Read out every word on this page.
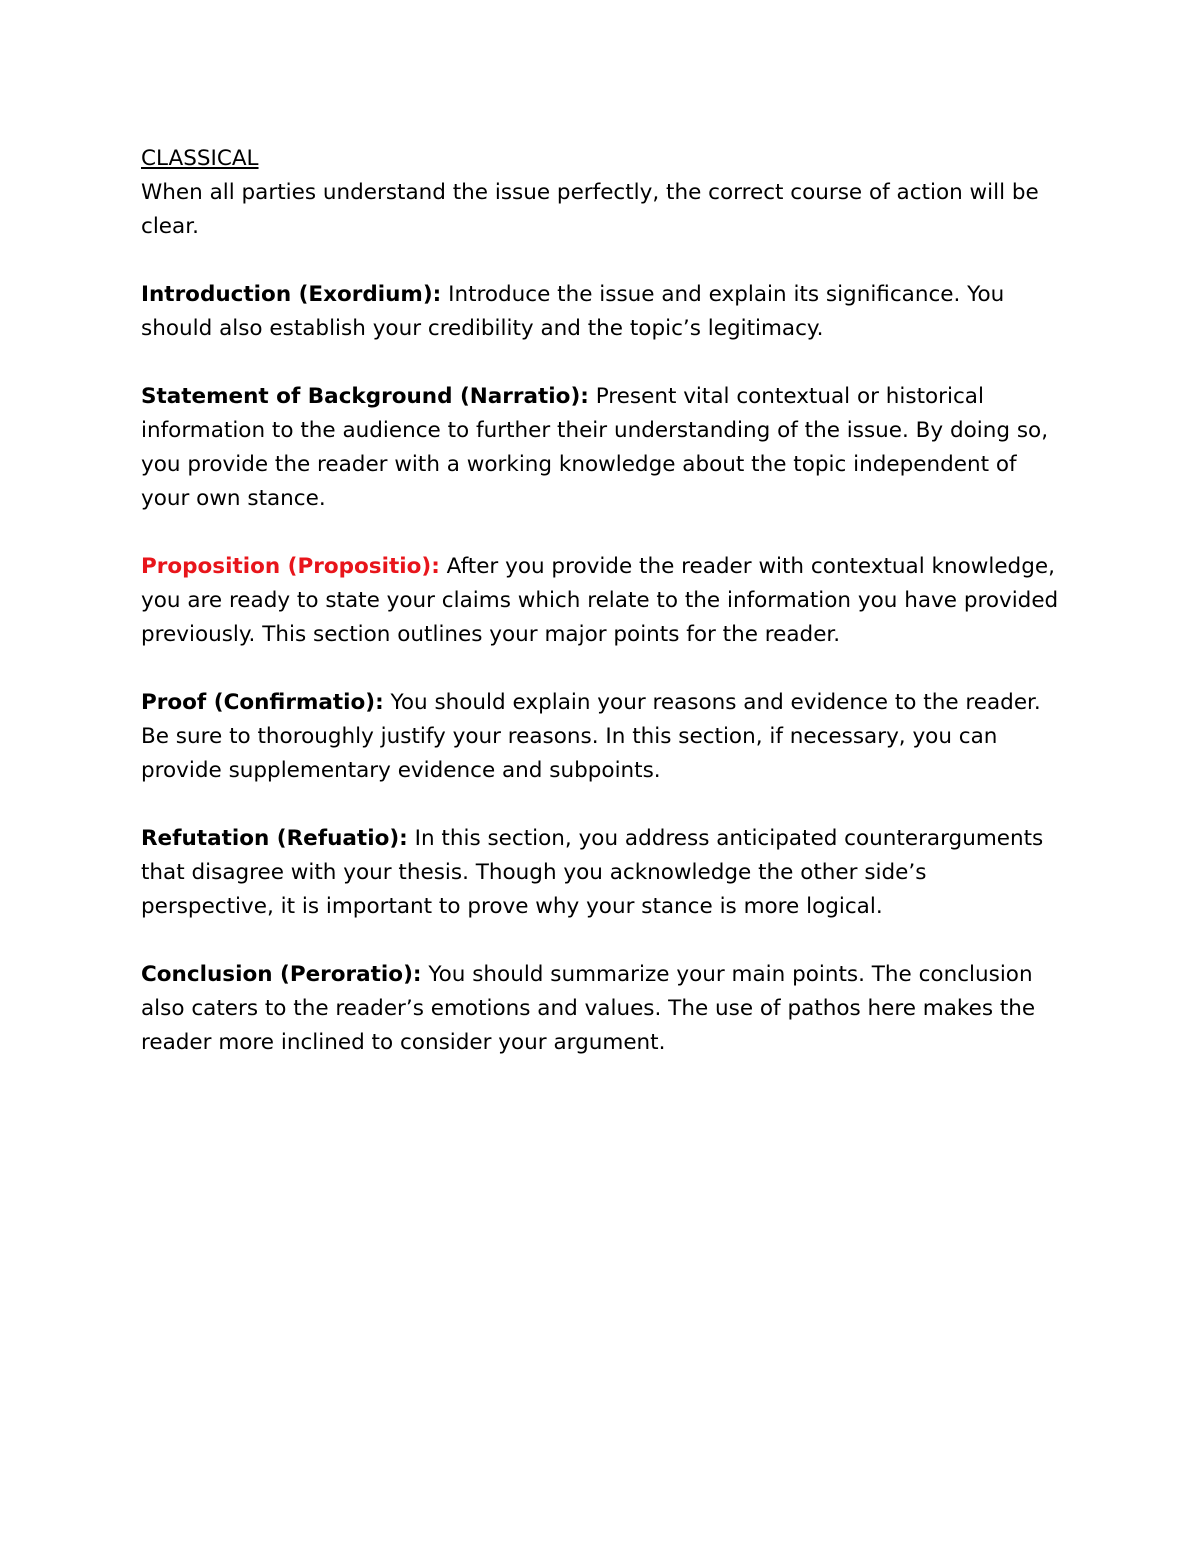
CLASSICAL

When all parties understand the issue perfectly, the correct course of action will be clear.

Introduction (Exordium): Introduce the issue and explain its significance. You should also establish your credibility and the topic’s legitimacy.

Statement of Background (Narratio): Present vital contextual or historical information to the audience to further their understanding of the issue. By doing so, you provide the reader with a working knowledge about the topic independent of your own stance.

Proposition (Propositio): After you provide the reader with contextual knowledge, you are ready to state your claims which relate to the information you have provided previously. This section outlines your major points for the reader.

Proof (Confirmatio): You should explain your reasons and evidence to the reader. Be sure to thoroughly justify your reasons. In this section, if necessary, you can provide supplementary evidence and subpoints.

Refutation (Refuatio): In this section, you address anticipated counterarguments that disagree with your thesis. Though you acknowledge the other side’s perspective, it is important to prove why your stance is more logical.

Conclusion (Peroratio): You should summarize your main points. The conclusion also caters to the reader’s emotions and values. The use of pathos here makes the reader more inclined to consider your argument.
